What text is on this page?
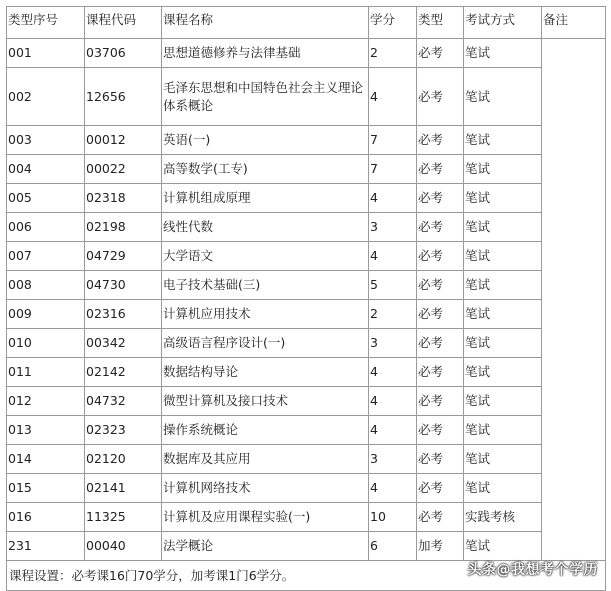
类型序号	课程代码	课程名称	学分	类型	考试方式	备注
001	03706	思想道德修养与法律基础	2	必考	笔试	
002	12656	毛泽东思想和中国特色社会主义理论体系概论	4	必考	笔试	
003	00012	英语(一)	7	必考	笔试	
004	00022	高等数学(工专)	7	必考	笔试	
005	02318	计算机组成原理	4	必考	笔试	
006	02198	线性代数	3	必考	笔试	
007	04729	大学语文	4	必考	笔试	
008	04730	电子技术基础(三)	5	必考	笔试	
009	02316	计算机应用技术	2	必考	笔试	
010	00342	高级语言程序设计(一)	3	必考	笔试	
011	02142	数据结构导论	4	必考	笔试	
012	04732	微型计算机及接口技术	4	必考	笔试	
013	02323	操作系统概论	4	必考	笔试	
014	02120	数据库及其应用	3	必考	笔试	
015	02141	计算机网络技术	4	必考	笔试	
016	11325	计算机及应用课程实验(一)	10	必考	实践考核	
231	00040	法学概论	6	加考	笔试	
课程设置：必考课16门70学分，加考课1门6学分。							头条@我想考个学历
